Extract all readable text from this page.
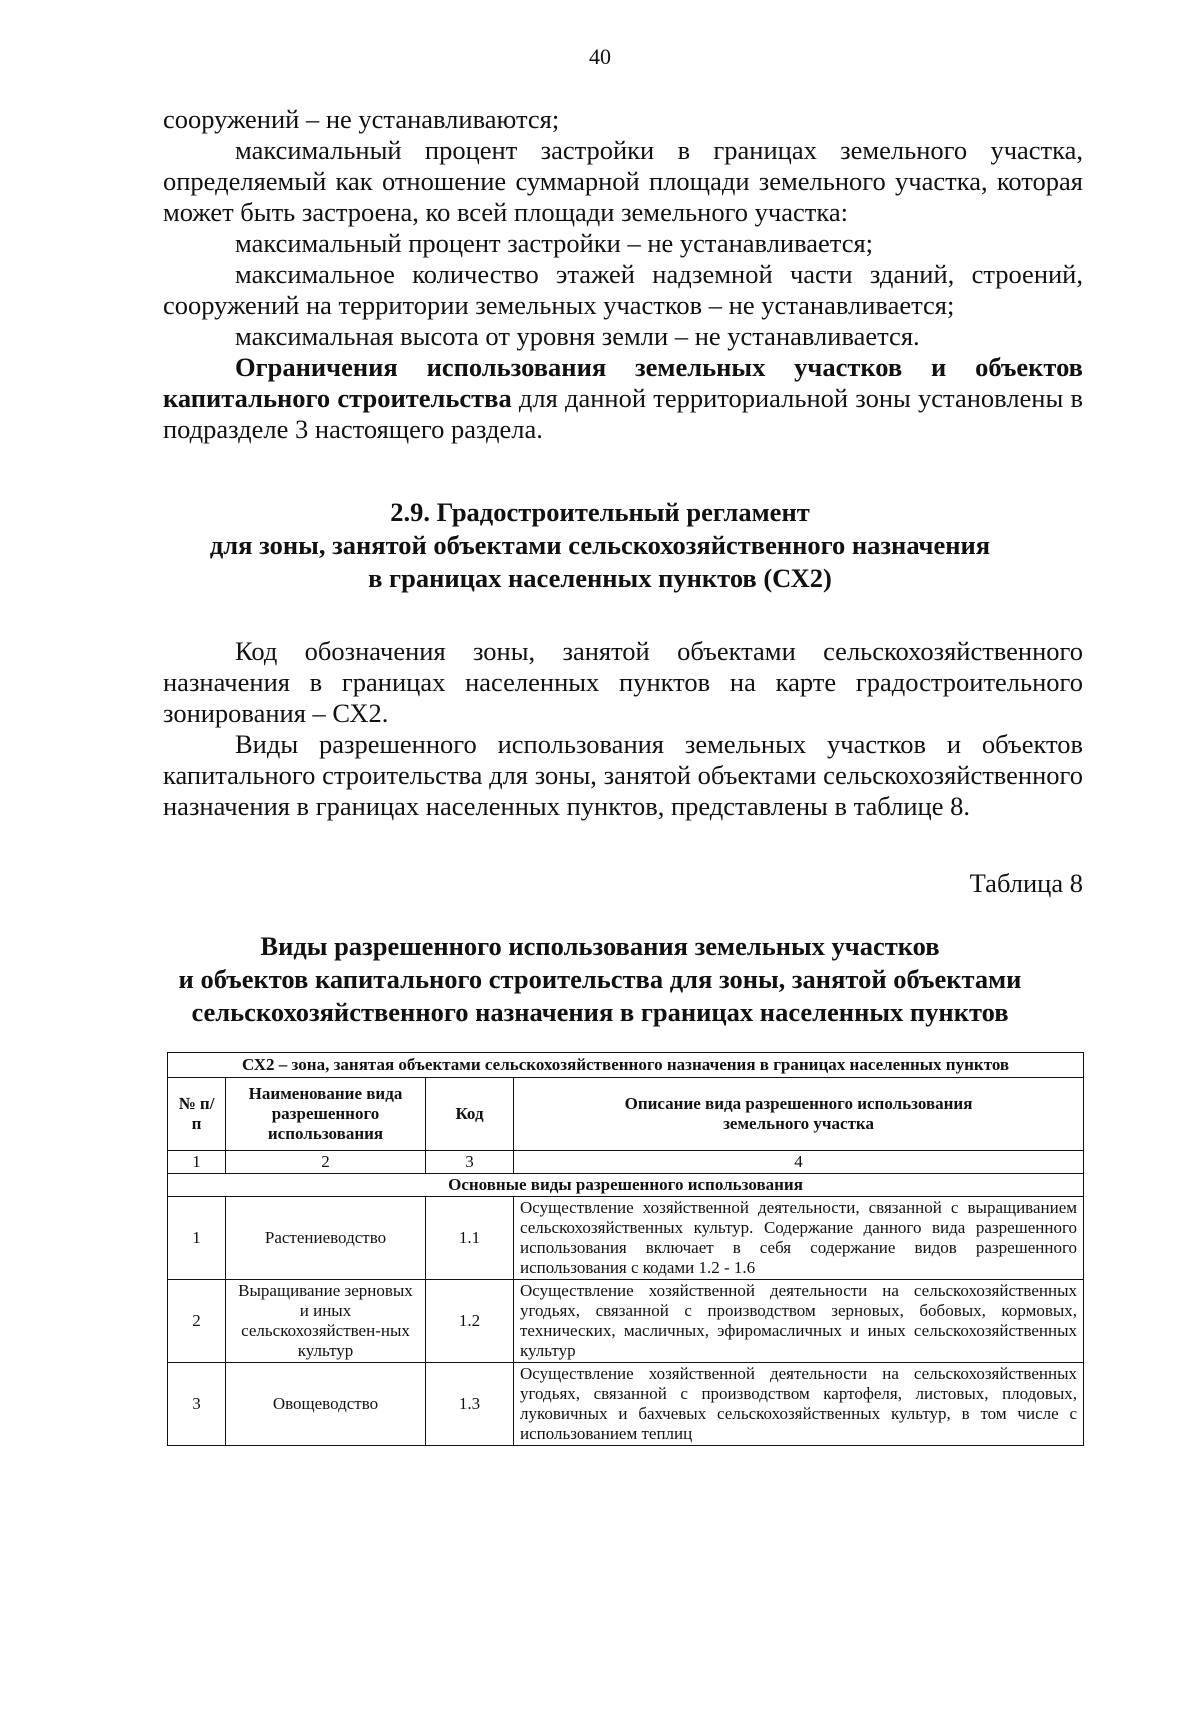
40

сооружений – не устанавливаются;

максимальный процент застройки в границах земельного участка, определяемый как отношение суммарной площади земельного участка, которая может быть застроена, ко всей площади земельного участка:

максимальный процент застройки – не устанавливается;

максимальное количество этажей надземной части зданий, строений, сооружений на территории земельных участков – не устанавливается;

максимальная высота от уровня земли – не устанавливается.

Ограничения использования земельных участков и объектов капитального строительства для данной территориальной зоны установлены в подразделе 3 настоящего раздела.

2.9. Градостроительный регламент
для зоны, занятой объектами сельскохозяйственного назначения
в границах населенных пунктов (СХ2)

Код обозначения зоны, занятой объектами сельскохозяйственного назначения в границах населенных пунктов на карте градостроительного зонирования – СХ2.

Виды разрешенного использования земельных участков и объектов капитального строительства для зоны, занятой объектами сельскохозяйственного назначения в границах населенных пунктов, представлены в таблице 8.

Таблица 8
Виды разрешенного использования земельных участков
и объектов капитального строительства для зоны, занятой объектами
сельскохозяйственного назначения в границах населенных пунктов
СХ2 – зона, занятая объектами сельскохозяйственного назначения в границах населенных пунктов			
№ п/п	Наименование вида разрешенного использования	Код	Описание вида разрешенного использования земельного участка
1	2	3	4
Основные виды разрешенного использования			
1	Растениеводство	1.1	Осуществление хозяйственной деятельности, связанной с выращиванием сельскохозяйственных культур. Содержание данного вида разрешенного использования включает в себя содержание видов разрешенного использования с кодами 1.2 - 1.6
2	Выращивание зерновых и иных сельскохозяйствен-ных культур	1.2	Осуществление хозяйственной деятельности на сельскохозяйственных угодьях, связанной с производством зерновых, бобовых, кормовых, технических, масличных, эфиромасличных и иных сельскохозяйственных культур
3	Овощеводство	1.3	Осуществление хозяйственной деятельности на сельскохозяйственных угодьях, связанной с производством картофеля, листовых, плодовых, луковичных и бахчевых сельскохозяйственных культур, в том числе с использованием теплиц
